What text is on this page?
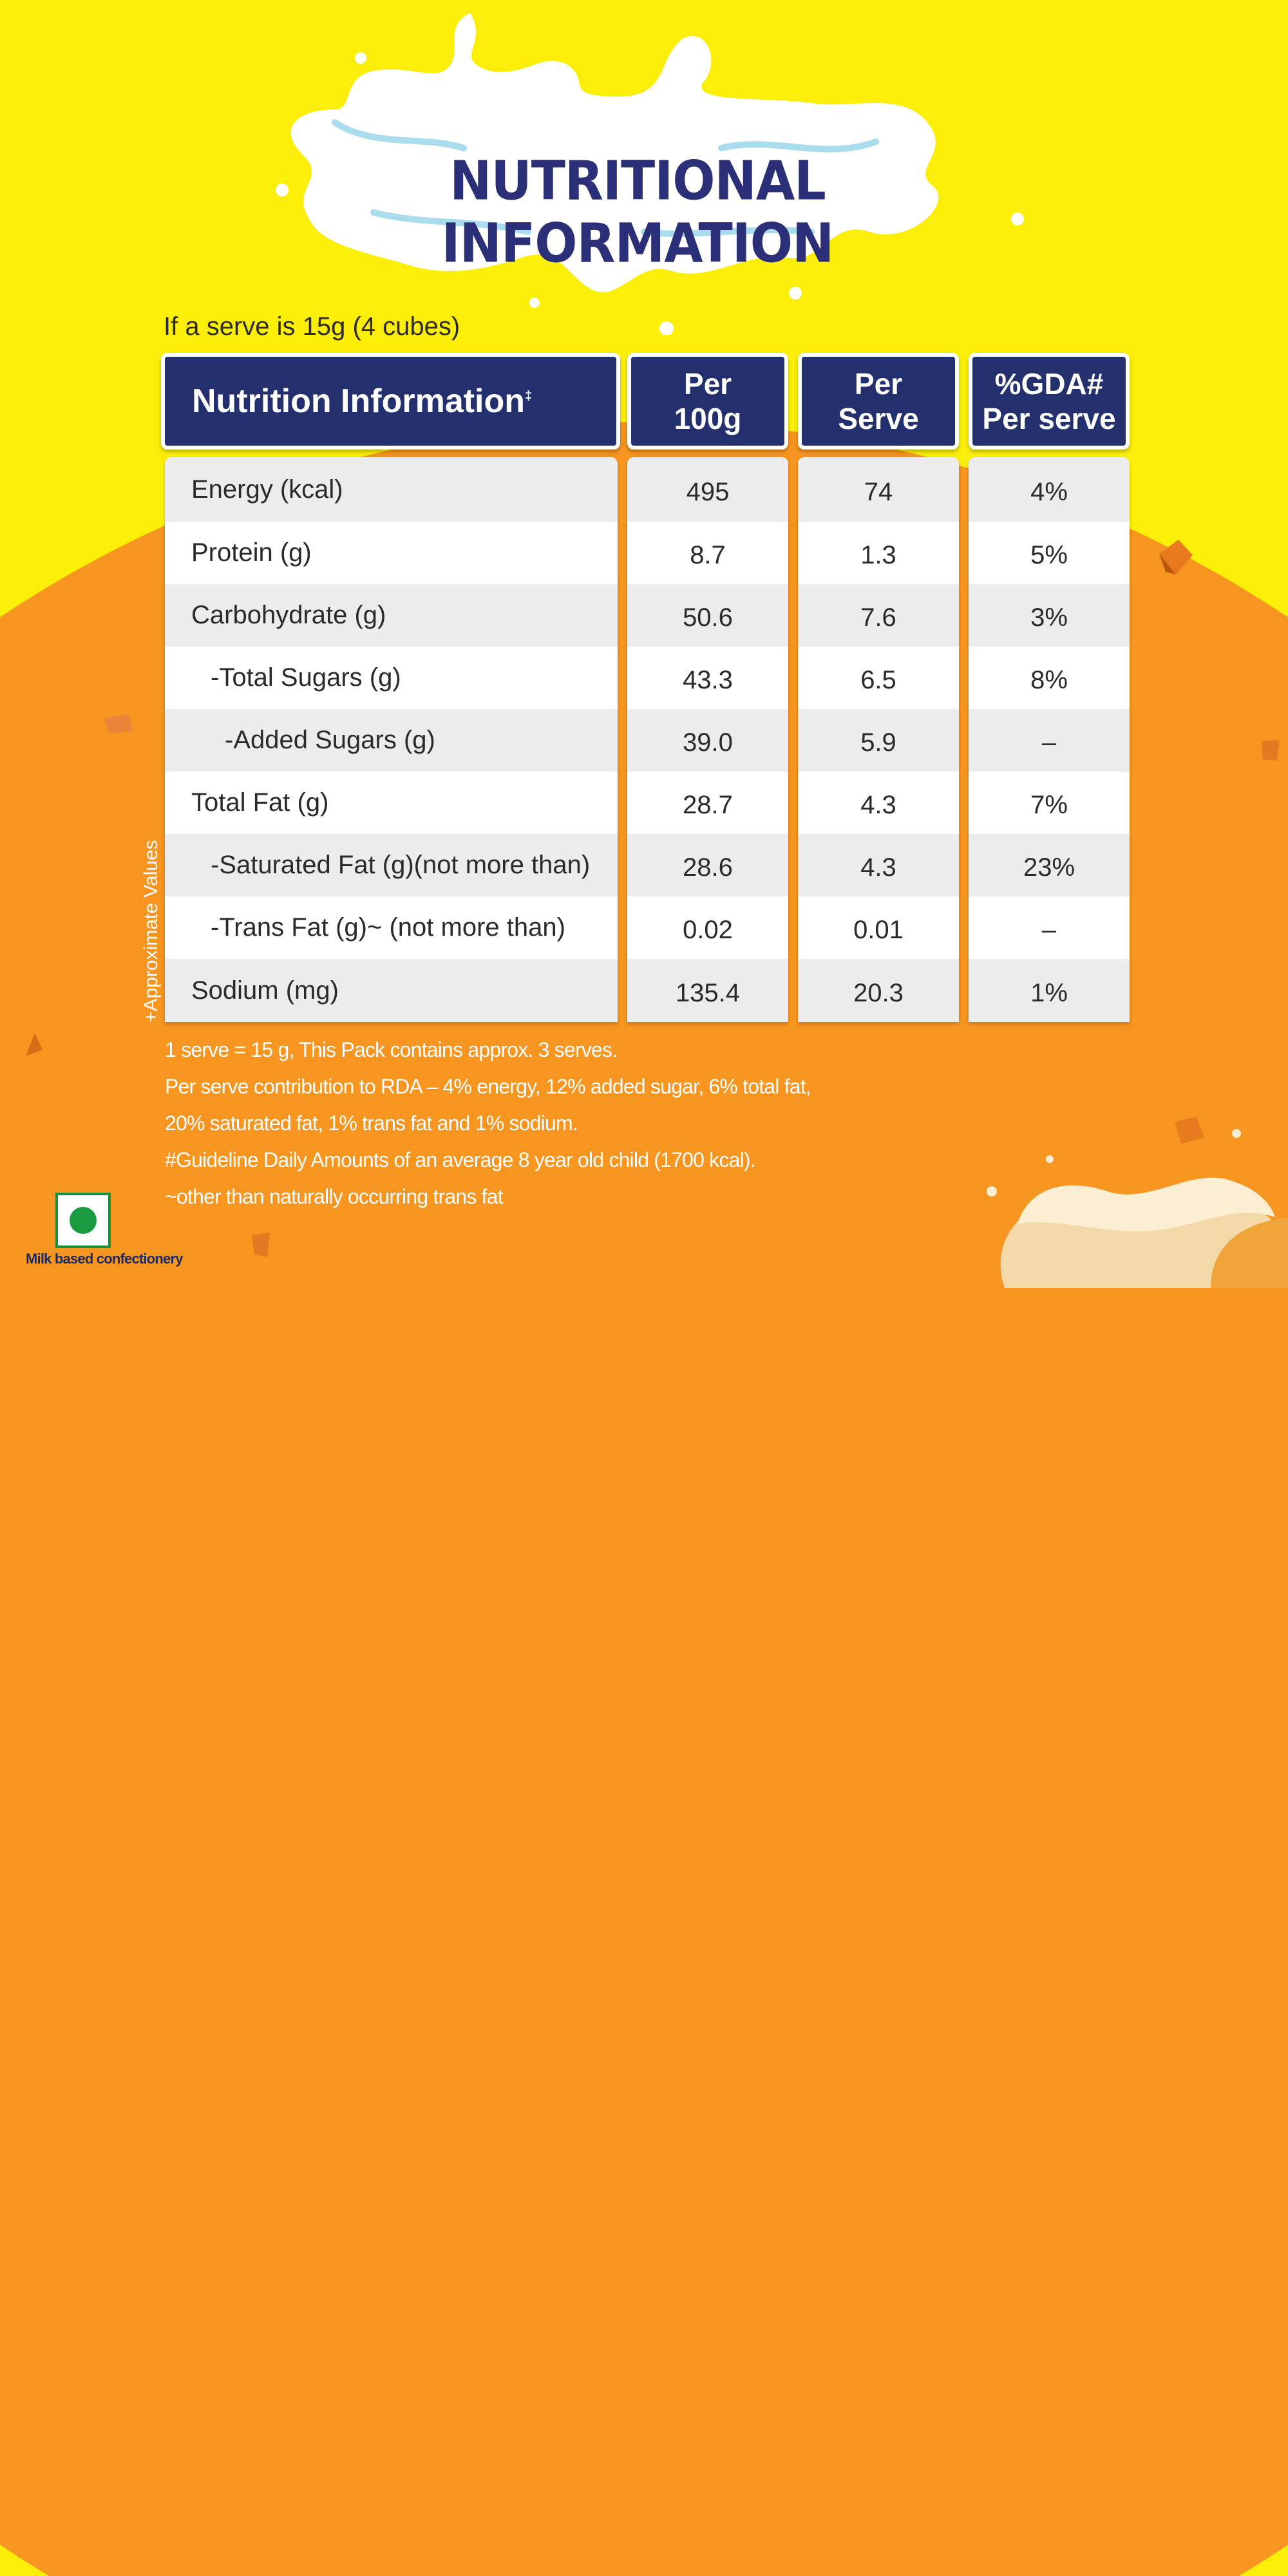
NUTRITIONAL INFORMATION
If a serve is 15g (4 cubes)
Nutrition Information‡	Per
100g
Per
Serve
%GDA#
Per serve
Energy (kcal)
Protein (g)
Carbohydrate (g)
-Total Sugars (g)
-Added Sugars (g)
Total Fat (g)
-Saturated Fat (g)(not more than)
-Trans Fat (g)~ (not more than)
Sodium (mg)
495
8.7
50.6
43.3
39.0
28.7
28.6
0.02
135.4
74
1.3
7.6
6.5
5.9
4.3
4.3
0.01
20.3
4%
5%
3%
8%
–
7%
23%
–
1%
+Approximate Values
1 serve = 15 g, This Pack contains approx. 3 serves.
Per serve contribution to RDA – 4% energy, 12% added sugar, 6% total fat,
20% saturated fat, 1% trans fat and 1% sodium.
#Guideline Daily Amounts of an average 8 year old child (1700 kcal).
~other than naturally occurring trans fat
Milk based confectionery
